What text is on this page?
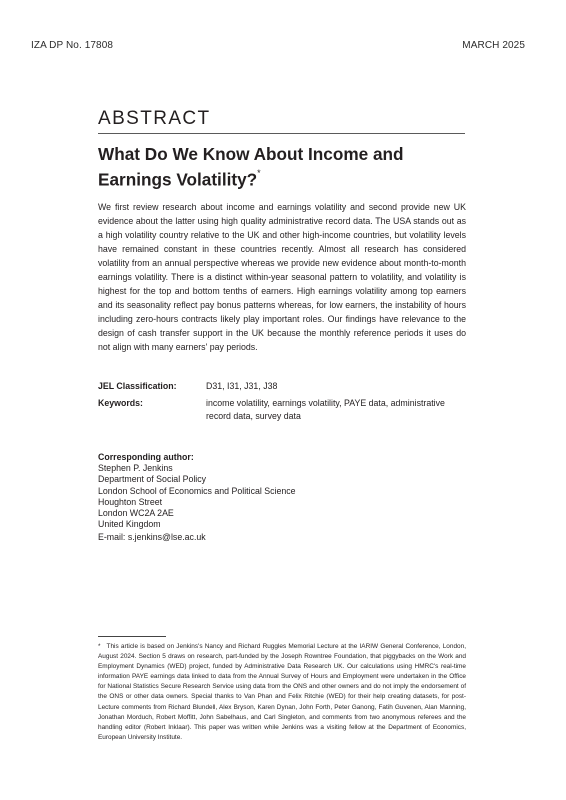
IZA DP No. 17808	MARCH 2025
ABSTRACT
What Do We Know About Income and Earnings Volatility?*
We first review research about income and earnings volatility and second provide new UK evidence about the latter using high quality administrative record data. The USA stands out as a high volatility country relative to the UK and other high-income countries, but volatility levels have remained constant in these countries recently. Almost all research has considered volatility from an annual perspective whereas we provide new evidence about month-to-month earnings volatility. There is a distinct within-year seasonal pattern to volatility, and volatility is highest for the top and bottom tenths of earners. High earnings volatility among top earners and its seasonality reflect pay bonus patterns whereas, for low earners, the instability of hours including zero-hours contracts likely play important roles. Our findings have relevance to the design of cash transfer support in the UK because the monthly reference periods it uses do not align with many earners' pay periods.
JEL Classification:	D31, I31, J31, J38
Keywords:	income volatility, earnings volatility, PAYE data, administrative record data, survey data
Corresponding author:
Stephen P. Jenkins
Department of Social Policy
London School of Economics and Political Science
Houghton Street
London WC2A 2AE
United Kingdom
E-mail: s.jenkins@lse.ac.uk
* This article is based on Jenkins's Nancy and Richard Ruggles Memorial Lecture at the IARIW General Conference, London, August 2024. Section 5 draws on research, part-funded by the Joseph Rowntree Foundation, that piggybacks on the Work and Employment Dynamics (WED) project, funded by Administrative Data Research UK. Our calculations using HMRC's real-time information PAYE earnings data linked to data from the Annual Survey of Hours and Employment were undertaken in the Office for National Statistics Secure Research Service using data from the ONS and other owners and do not imply the endorsement of the ONS or other data owners. Special thanks to Van Phan and Felix Ritchie (WED) for their help creating datasets, for post-Lecture comments from Richard Blundell, Alex Bryson, Karen Dynan, John Forth, Peter Ganong, Fatih Guvenen, Alan Manning, Jonathan Morduch, Robert Moffitt, John Sabelhaus, and Carl Singleton, and comments from two anonymous referees and the handling editor (Robert Inklaar). This paper was written while Jenkins was a visiting fellow at the Department of Economics, European University Institute.
